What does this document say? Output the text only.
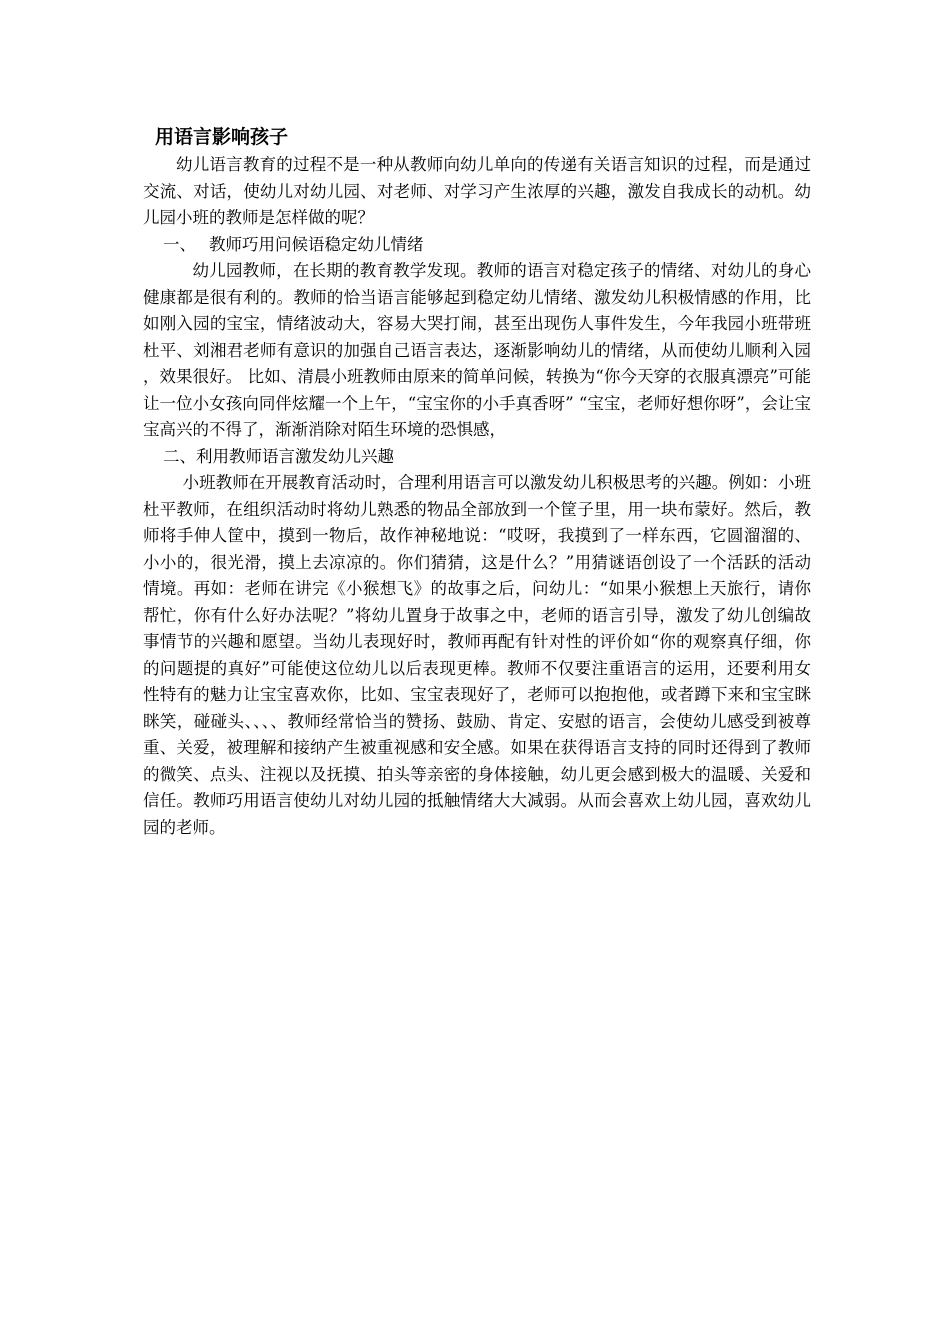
用语言影响孩子

幼儿语言教育的过程不是一种从教师向幼儿单向的传递有关语言知识的过程，而是通过交流、对话，使幼儿对幼儿园、对老师、对学习产生浓厚的兴趣，激发自我成长的动机。幼儿园小班的教师是怎样做的呢？

一、 教师巧用问候语稳定幼儿情绪

幼儿园教师，在长期的教育教学发现。教师的语言对稳定孩子的情绪、对幼儿的身心健康都是很有利的。教师的恰当语言能够起到稳定幼儿情绪、激发幼儿积极情感的作用，比如刚入园的宝宝，情绪波动大，容易大哭打闹，甚至出现伤人事件发生，今年我园小班带班杜平、刘湘君老师有意识的加强自己语言表达，逐渐影响幼儿的情绪，从而使幼儿顺利入园 ，效果很好。 比如、清晨小班教师由原来的简单问候，转换为“你今天穿的衣服真漂亮”可能让一位小女孩向同伴炫耀一个上午，“宝宝你的小手真香呀” “宝宝，老师好想你呀”，会让宝宝高兴的不得了，渐渐消除对陌生环境的恐惧感，

二、利用教师语言激发幼儿兴趣

小班教师在开展教育活动时，合理利用语言可以激发幼儿积极思考的兴趣。例如：小班杜平教师，在组织活动时将幼儿熟悉的物品全部放到一个筐子里，用一块布蒙好。然后，教师将手伸人筐中，摸到一物后，故作神秘地说：“哎呀，我摸到了一样东西，它圆溜溜的、小小的，很光滑，摸上去凉凉的。你们猜猜，这是什么？”用猜谜语创设了一个活跃的活动情境。再如：老师在讲完《小猴想飞》的故事之后，问幼儿：“如果小猴想上天旅行，请你帮忙，你有什么好办法呢？”将幼儿置身于故事之中，老师的语言引导，激发了幼儿创编故事情节的兴趣和愿望。当幼儿表现好时，教师再配有针对性的评价如“你的观察真仔细，你的问题提的真好”可能使这位幼儿以后表现更棒。教师不仅要注重语言的运用，还要利用女性特有的魅力让宝宝喜欢你，比如、宝宝表现好了，老师可以抱抱他，或者蹲下来和宝宝眯眯笑，碰碰头、、、、教师经常恰当的赞扬、鼓励、肯定、安慰的语言，会使幼儿感受到被尊重、关爱，被理解和接纳产生被重视感和安全感。如果在获得语言支持的同时还得到了教师的微笑、点头、注视以及抚摸、拍头等亲密的身体接触，幼儿更会感到极大的温暖、关爱和信任。教师巧用语言使幼儿对幼儿园的抵触情绪大大减弱。从而会喜欢上幼儿园，喜欢幼儿园的老师。
